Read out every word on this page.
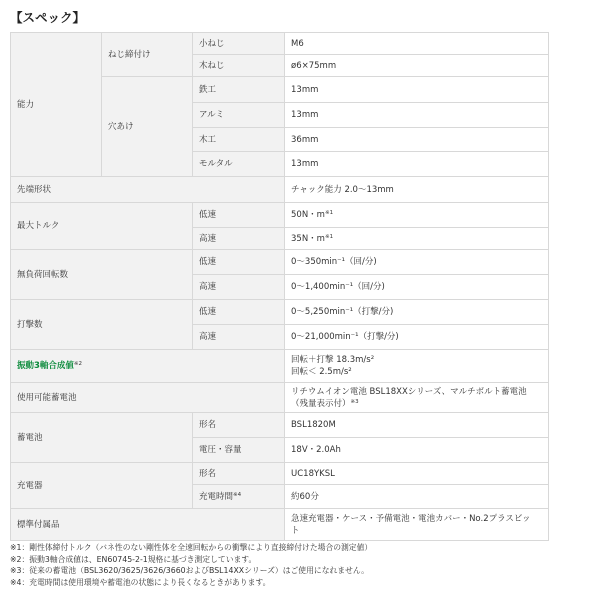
【スペック】
能力	ねじ締付け	小ねじ	M6
		木ねじ	ø6×75mm
	穴あけ	鉄工	13mm
		アルミ	13mm
		木工	36mm
		モルタル	13mm

先端形状			チャック能力 2.0～13mm
最大トルク		低速	50N・$m^{※1}$
		高速	35N・$m^{※1}$
無負荷回転数		低速	0～350min⁻¹（回/分)
		高速	0～1,400min⁻¹（回/分)
打撃数		低速	0～5,250min⁻¹（打撃/分)
		高速	0～21,000min⁻¹（打撃/分)
振動3軸合成値$^{※2}$			回転＋打撃 18.3m/s²
回転＜ 2.5m/s²

使用可能蓄電池			リチウムイオン電池 BSL18XXシリーズ、マルチボルト蓄電池
（残量表示付）$^{※3}$

蓄電池		形名	BSL1820M
		電圧・容量	18V・2.0Ah
充電器		形名	UC18YKSL
		充電時間$^{※4}$	約60分
標準付属品			急速充電器・ケース・予備電池・電池カバー・No.2プラスビッ
ト
※1：剛性体締付トルク（バネ性のない剛性体を全速回転からの衝撃により直接締付けた場合の測定値）
※2：振動3軸合成値は、EN60745-2-1規格に基づき測定しています。
※3：従来の蓄電池（BSL3620/3625/3626/3660およびBSL14XXシリーズ）はご使用になれません。
※4：充電時間は使用環境や蓄電池の状態により長くなるときがあります。
